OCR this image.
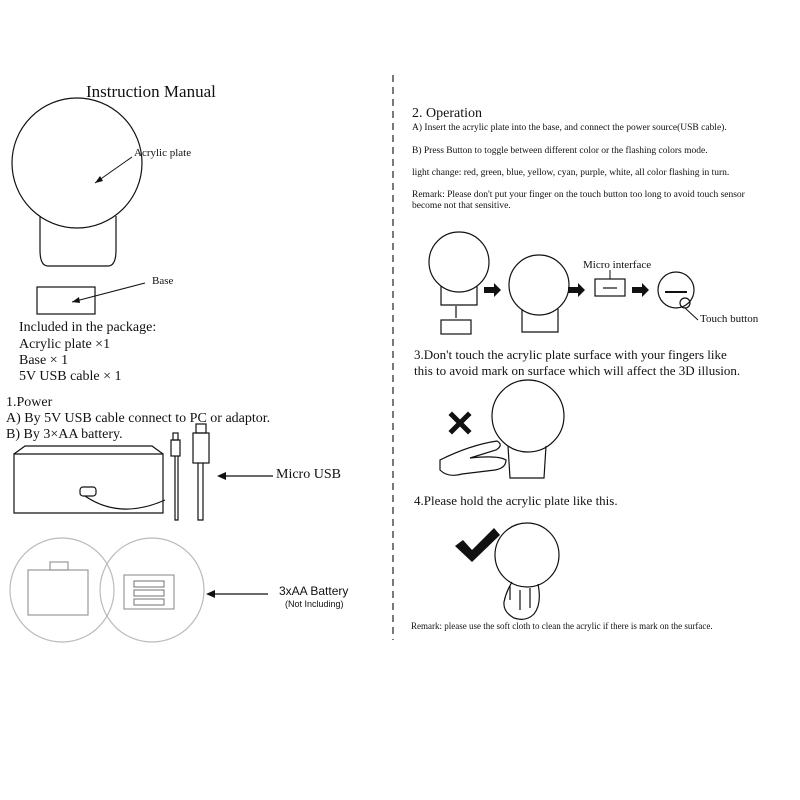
Instruction Manual
Acrylic plate
Base
Included in the package:
Acrylic plate ×1
Base × 1
5V USB cable × 1
1.Power
A) By 5V USB cable connect to PC or adaptor.
B) By 3×AA battery.
Micro USB
3xAA Battery
(Not Including)
2. Operation
A) Insert the acrylic plate into the base, and connect the power source(USB cable).
B) Press Button to toggle between different color or the flashing colors mode.
light change: red, green, blue, yellow, cyan, purple, white, all color flashing in turn.
Remark: Please don't put your finger on the touch button too long to avoid touch sensor
become not that sensitive.
Micro interface
Touch button
3.Don't touch the acrylic plate surface with your fingers like
this to avoid mark on surface which will affect the 3D illusion.
4.Please hold the acrylic plate like this.
Remark: please use the soft cloth to clean the acrylic if there is mark on the surface.
